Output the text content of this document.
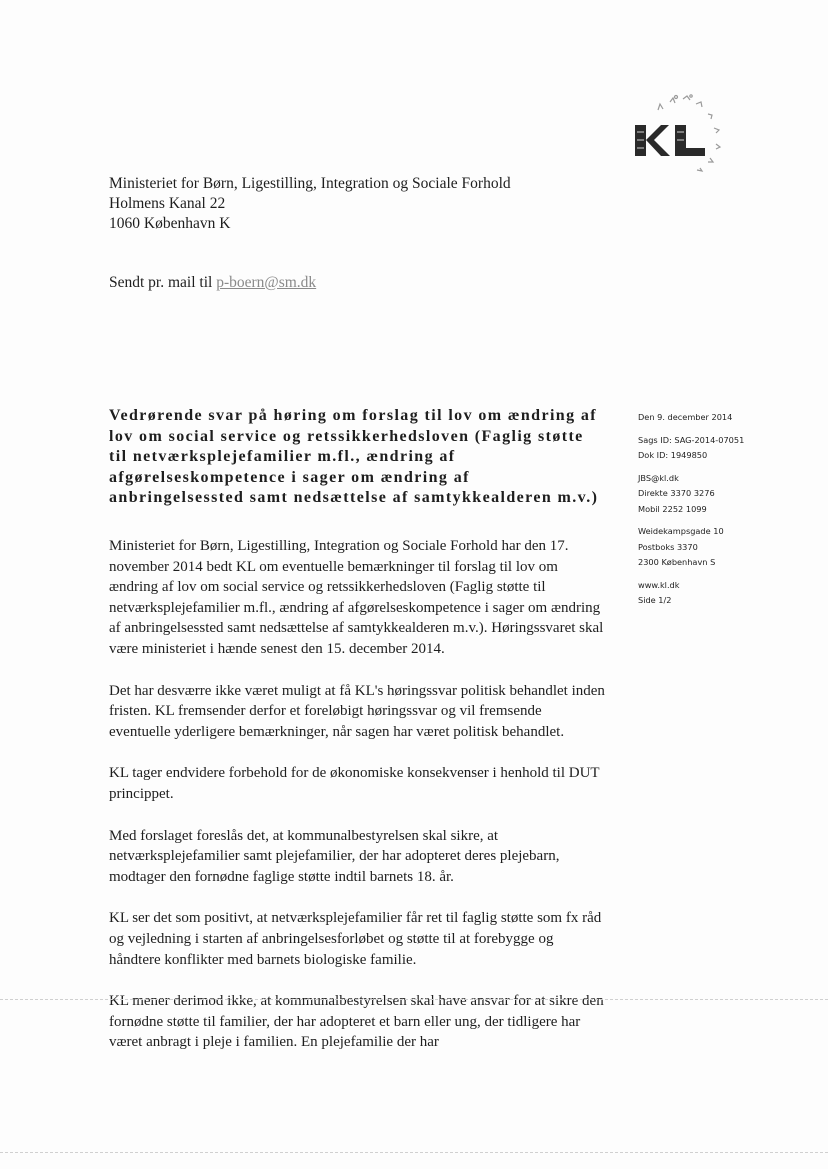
Ministeriet for Børn, Ligestilling, Integration og Sociale Forhold
Holmens Kanal 22
1060 København K
Sendt pr. mail til p-boern@sm.dk
Vedrørende svar på høring om forslag til lov om ændring af lov om social service og retssikkerhedsloven (Faglig støtte til netværksplejefamilier m.fl., ændring af afgørelseskompetence i sager om ændring af anbringelsessted samt nedsættelse af samtykkealderen m.v.)

Ministeriet for Børn, Ligestilling, Integration og Sociale Forhold har den 17. november 2014 bedt KL om eventuelle bemærkninger til forslag til lov om ændring af lov om social service og retssikkerhedsloven (Faglig støtte til netværksplejefamilier m.fl., ændring af afgørelseskompetence i sager om ændring af anbringelsessted samt nedsættelse af samtykkealderen m.v.). Høringssvaret skal være ministeriet i hænde senest den 15. december 2014.

Det har desværre ikke været muligt at få KL's høringssvar politisk behandlet inden fristen. KL fremsender derfor et foreløbigt høringssvar og vil fremsende eventuelle yderligere bemærkninger, når sagen har været politisk behandlet.

KL tager endvidere forbehold for de økonomiske konsekvenser i henhold til DUT princippet.

Med forslaget foreslås det, at kommunalbestyrelsen skal sikre, at netværksplejefamilier samt plejefamilier, der har adopteret deres plejebarn, modtager den fornødne faglige støtte indtil barnets 18. år.

KL ser det som positivt, at netværksplejefamilier får ret til faglig støtte som fx råd og vejledning i starten af anbringelsesforløbet og støtte til at forebygge og håndtere konflikter med barnets biologiske familie.

KL mener derimod ikke, at kommunalbestyrelsen skal have ansvar for at sikre den fornødne støtte til familier, der har adopteret et barn eller ung, der tidligere har været anbragt i pleje i familien. En plejefamilie der har

Den 9. december 2014
Sags ID: SAG-2014-07051
Dok ID: 1949850
JBS@kl.dk
Direkte 3370 3276
Mobil 2252 1099
Weidekampsgade 10
Postboks 3370
2300 København S
www.kl.dk
Side 1/2
